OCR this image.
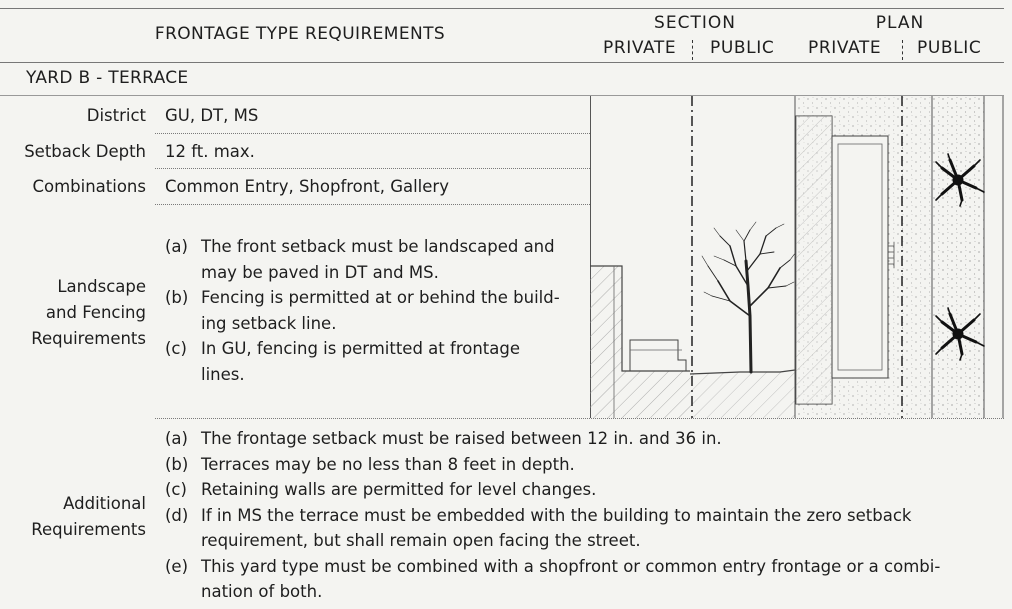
FRONTAGE TYPE REQUIREMENTS
SECTION	PLAN
PRIVATE PUBLIC PRIVATE PUBLIC
YARD B - TERRACE
District GU, DT, MS
Setback Depth 12 ft. max.
Combinations Common Entry, Shopfront, Gallery
Landscape
and Fencing
Requirements
(a) The front setback must be landscaped and
may be paved in DT and MS.
(b) Fencing is permitted at or behind the build-
ing setback line.
(c) In GU, fencing is permitted at frontage
lines.
Additional
Requirements
(a) The frontage setback must be raised between 12 in. and 36 in.
(b) Terraces may be no less than 8 feet in depth.
(c) Retaining walls are permitted for level changes.
(d) If in MS the terrace must be embedded with the building to maintain the zero setback
requirement, but shall remain open facing the street.
(e) This yard type must be combined with a shopfront or common entry frontage or a combi-
nation of both.
